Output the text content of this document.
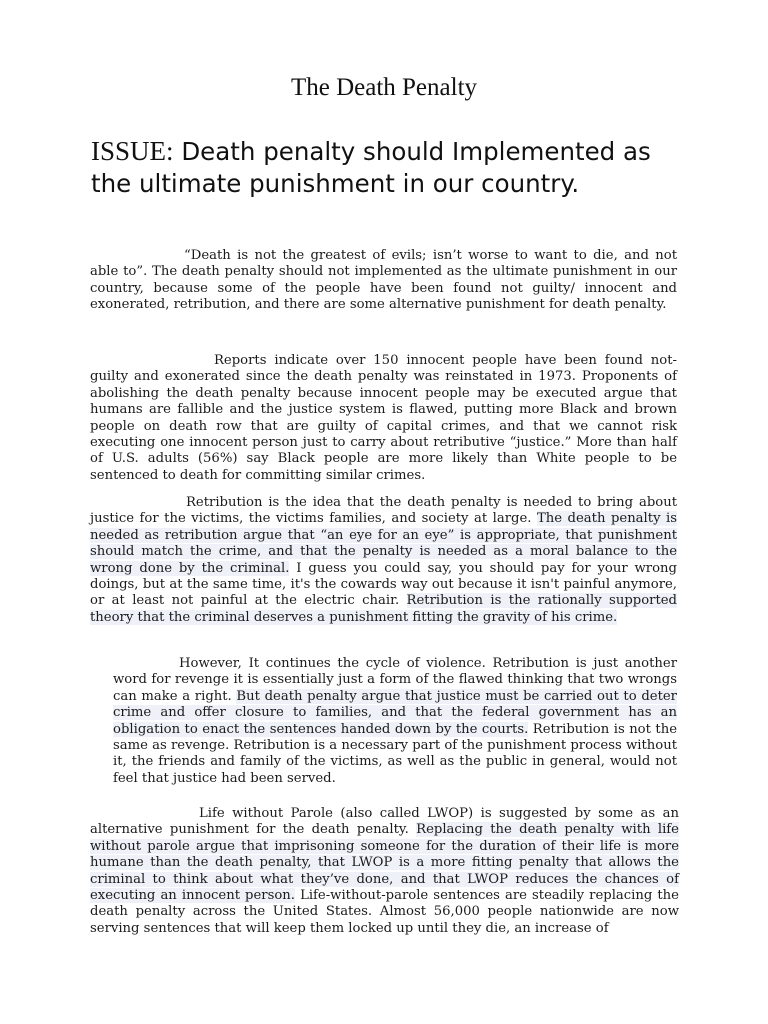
The Death Penalty

ISSUE: Death penalty should Implemented as the ultimate punishment in our country.

“Death is not the greatest of evils; isn’t worse to want to die, and not able to”. The death penalty should not implemented as the ultimate punishment in our country, because some of the people have been found not guilty/ innocent and exonerated, retribution, and there are some alternative punishment for death penalty.

Reports indicate over 150 innocent people have been found not-guilty and exonerated since the death penalty was reinstated in 1973. Proponents of abolishing the death penalty because innocent people may be executed argue that humans are fallible and the justice system is flawed, putting more Black and brown people on death row that are guilty of capital crimes, and that we cannot risk executing one innocent person just to carry about retributive “justice.” More than half of U.S. adults (56%) say Black people are more likely than White people to be sentenced to death for committing similar crimes.

Retribution is the idea that the death penalty is needed to bring about justice for the victims, the victims families, and society at large. The death penalty is needed as retribution argue that “an eye for an eye” is appropriate, that punishment should match the crime, and that the penalty is needed as a moral balance to the wrong done by the criminal. I guess you could say, you should pay for your wrong doings, but at the same time, it's the cowards way out because it isn't painful anymore, or at least not painful at the electric chair. Retribution is the rationally supported theory that the criminal deserves a punishment fitting the gravity of his crime.

However, It continues the cycle of violence. Retribution is just another word for revenge it is essentially just a form of the flawed thinking that two wrongs can make a right. But death penalty argue that justice must be carried out to deter crime and offer closure to families, and that the federal government has an obligation to enact the sentences handed down by the courts. Retribution is not the same as revenge. Retribution is a necessary part of the punishment process without it, the friends and family of the victims, as well as the public in general, would not feel that justice had been served.

Life without Parole (also called LWOP) is suggested by some as an alternative punishment for the death penalty. Replacing the death penalty with life without parole argue that imprisoning someone for the duration of their life is more humane than the death penalty, that LWOP is a more fitting penalty that allows the criminal to think about what they’ve done, and that LWOP reduces the chances of executing an innocent person. Life-without-parole sentences are steadily replacing the death penalty across the United States. Almost 56,000 people nationwide are now serving sentences that will keep them locked up until they die, an increase of
